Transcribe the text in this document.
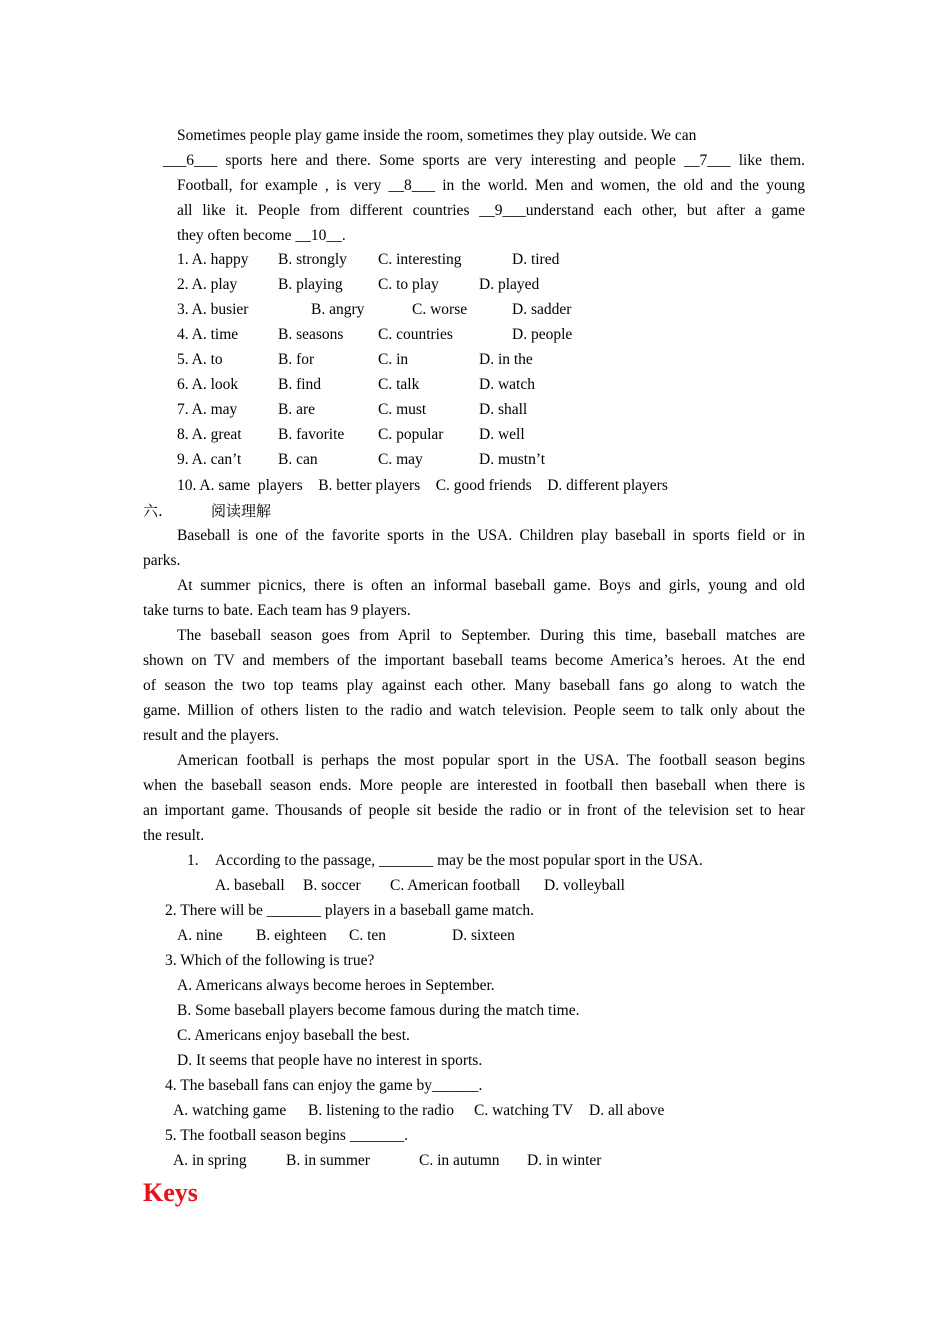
Sometimes people play game inside the room, sometimes they play outside. We can
___6___ sports here and there. Some sports are very interesting and people __7___ like them.
Football, for example , is very __8___ in the world. Men and women, the old and the young
all like it. People from different countries __9___understand each other, but after a game
they often become __10__.
1. A. happy B. strongly C. interesting	D. tired
2. A. play	B. playing C. to play	D. played
3. A. busier	B. angry	C. worse	D. sadder
4. A. time	B. seasons C. countries	D. people
5. A. to	B. for	C. in	D. in the
6. A. look	B. find	C. talk	D. watch
7. A. may	B. are	C. must	D. shall
8. A. great B. favorite C. popular D. well
9. A. can’t B. can	C. may	D. mustn’t
10. A. same  players    B. better players    C. good friends    D. different players
六.	阅读理解
Baseball is one of the favorite sports in the USA. Children play baseball in sports field or in
parks.
At summer picnics, there is often an informal baseball game. Boys and girls, young and old
take turns to bate. Each team has 9 players.
The baseball season goes from April to September. During this time, baseball matches are
shown on TV and members of the important baseball teams become America’s heroes. At the end
of season the two top teams play against each other. Many baseball fans go along to watch the
game. Million of others listen to the radio and watch television. People seem to talk only about the
result and the players.
American football is perhaps the most popular sport in the USA. The football season begins
when the baseball season ends. More people are interested in football then baseball when there is
an important game. Thousands of people sit beside the radio or in front of the television set to hear
the result.
1. According to the passage, _______ may be the most popular sport in the USA.
A. baseball B. soccer C. American football D. volleyball
2. There will be _______ players in a baseball game match.
A. nine B. eighteen C. ten	D. sixteen
3. Which of the following is true?
A. Americans always become heroes in September.
B. Some baseball players become famous during the match time.
C. Americans enjoy baseball the best.
D. It seems that people have no interest in sports.
4. The baseball fans can enjoy the game by______.
A. watching game B. listening to the radio C. watching TV D. all above
5. The football season begins _______.
A. in spring	B. in summer	C. in autumn D. in winter
Keys
